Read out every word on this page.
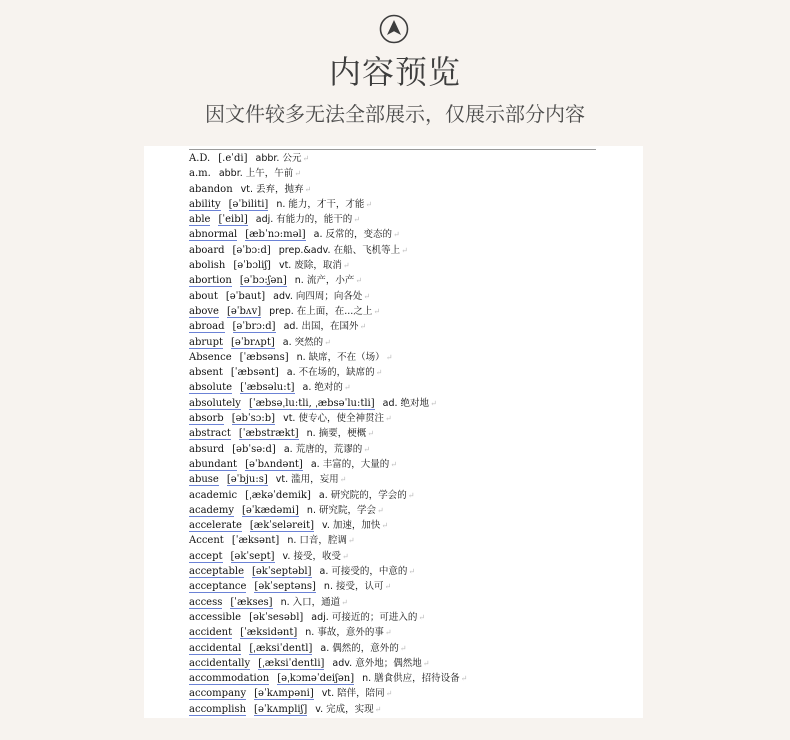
内容预览
因文件较多无法全部展示，仅展示部分内容
A.D. [.eˈdi] abbr. 公元↵
a.m. abbr. 上午，午前↵
abandon vt. 丢弃，抛弃↵
ability [əˈbiliti] n. 能力，才干，才能↵
able [ˈeibl] adj. 有能力的，能干的↵
abnormal [æbˈnɔ:məl] a. 反常的，变态的↵
aboard [əˈbɔ:d] prep.&adv. 在船、飞机等上↵
abolish [əˈbɔliʃ] vt. 废除，取消↵
abortion [əˈbɔ:ʃən] n. 流产，小产↵
about [əˈbaut] adv. 向四周；向各处↵
above [əˈbʌv] prep. 在上面，在...之上↵
abroad [əˈbrɔ:d] ad. 出国，在国外↵
abrupt [əˈbrʌpt] a. 突然的↵
Absence [ˈæbsəns] n. 缺席，不在（场）↵
absent [ˈæbsənt] a. 不在场的，缺席的↵
absolute [ˈæbsəlu:t] a. 绝对的↵
absolutely [ˈæbsəˌlu:tli, ˌæbsəˈlu:tli] ad. 绝对地↵
absorb [əbˈsɔ:b] vt. 使专心，使全神贯注↵
abstract [ˈæbstrækt] n. 摘要，梗概↵
absurd [əbˈsə:d] a. 荒唐的，荒谬的↵
abundant [əˈbʌndənt] a. 丰富的，大量的↵
abuse [əˈbju:s] vt. 滥用，妄用↵
academic [ˌækəˈdemik] a. 研究院的，学会的↵
academy [əˈkædəmi] n. 研究院，学会↵
accelerate [ækˈseləreit] v. 加速，加快↵
Accent [ˈæksənt] n. 口音，腔调↵
accept [əkˈsept] v. 接受，收受↵
acceptable [əkˈseptəbl] a. 可接受的，中意的↵
acceptance [əkˈseptəns] n. 接受，认可↵
access [ˈækses] n. 入口，通道↵
accessible [əkˈsesəbl] adj. 可接近的；可进入的↵
accident [ˈæksidənt] n. 事故，意外的事↵
accidental [ˌæksiˈdentl] a. 偶然的，意外的↵
accidentally [ˌæksiˈdentli] adv. 意外地；偶然地↵
accommodation [əˌkɔməˈdeiʃən] n. 膳食供应，招待设备↵
accompany [əˈkʌmpəni] vt. 陪伴，陪同↵
accomplish [əˈkʌmpliʃ] v. 完成，实现↵
